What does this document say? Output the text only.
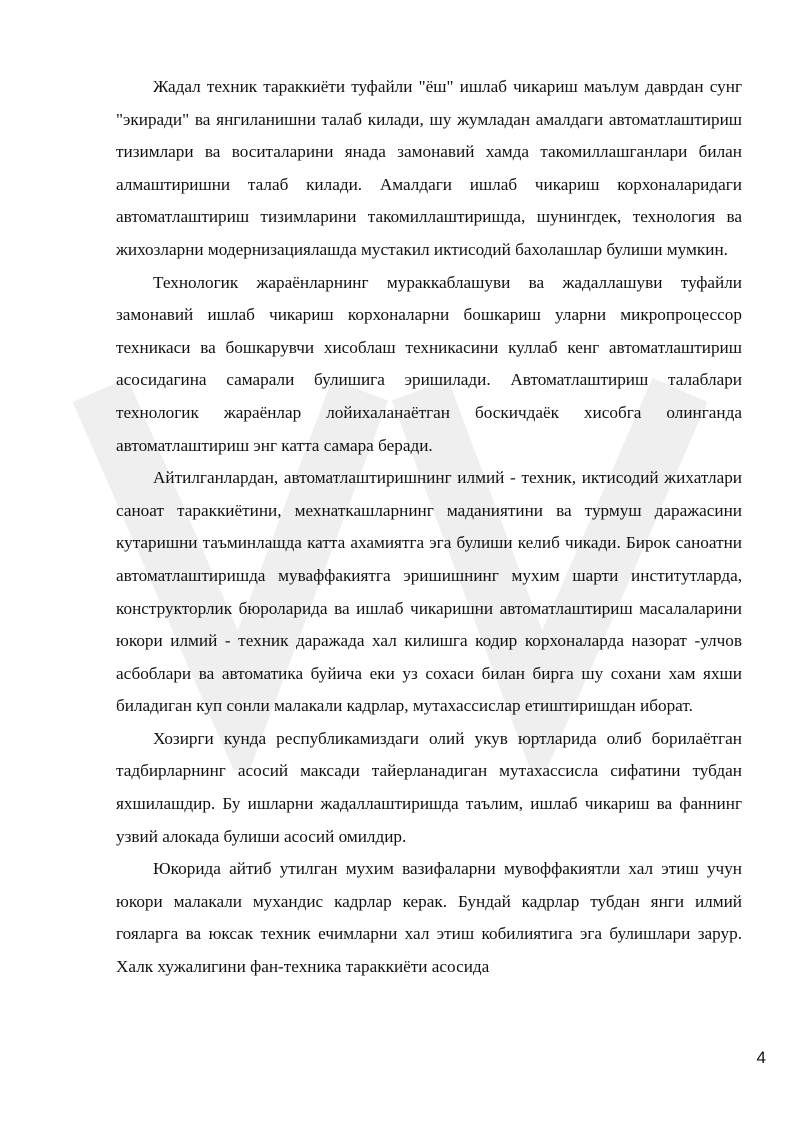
Жадал техник тараккиёти туфайли "ёш" ишлаб чикариш маълум даврдан сунг "экиради" ва янгиланишни талаб килади, шу жумладан амалдаги автоматлаштириш тизимлари ва воситаларини янада замонавий хамда такомиллашганлари билан алмаштиришни талаб килади. Амалдаги ишлаб чикариш корхоналаридаги автоматлаштириш тизимларини такомиллаштиришда, шунингдек, технология ва жихозларни модернизациялашда мустакил иктисодий бахолашлар булиши мумкин.

Технологик жараёнларнинг мураккаблашуви ва жадаллашуви туфайли замонавий ишлаб чикариш корхоналарни бошкариш уларни микропроцессор техникаси ва бошкарувчи хисоблаш техникасини куллаб кенг автоматлаштириш асосидагина самарали булишига эришилади. Автоматлаштириш талаблари технологик жараёнлар лойихаланаётган боскичдаёк хисобга олинганда автоматлаштириш энг катта самара беради.

Айтилганлардан, автоматлаштиришнинг илмий - техник, иктисодий жихатлари саноат тараккиётини, мехнаткашларнинг маданиятини ва турмуш даражасини кутаришни таъминлашда катта ахамиятга эга булиши келиб чикади. Бирок саноатни автоматлаштиришда муваффакиятга эришишнинг мухим шарти институтларда, конструкторлик бюроларида ва ишлаб чикаришни автоматлаштириш масалаларини юкори илмий - техник даражада хал килишга кодир корхоналарда назорат -улчов асбоблари ва автоматика буйича еки уз сохаси билан бирга шу сохани хам яхши биладиган куп сонли малакали кадрлар, мутахассислар етиштиришдан иборат.

Хозирги кунда республикамиздаги олий укув юртларида олиб борилаётган тадбирларнинг асосий максади тайерланадиган мутахассисла сифатини тубдан яхшилашдир. Бу ишларни жадаллаштиришда таълим, ишлаб чикариш ва фаннинг узвий алокада булиши асосий омилдир.

Юкорида айтиб утилган мухим вазифаларни мувоффакиятли хал этиш учун юкори малакали мухандис кадрлар керак. Бундай кадрлар тубдан янги илмий гояларга ва юксак техник ечимларни хал этиш кобилиятига эга булишлари зарур. Халк хужалигини фан-техника тараккиёти асосида

4
